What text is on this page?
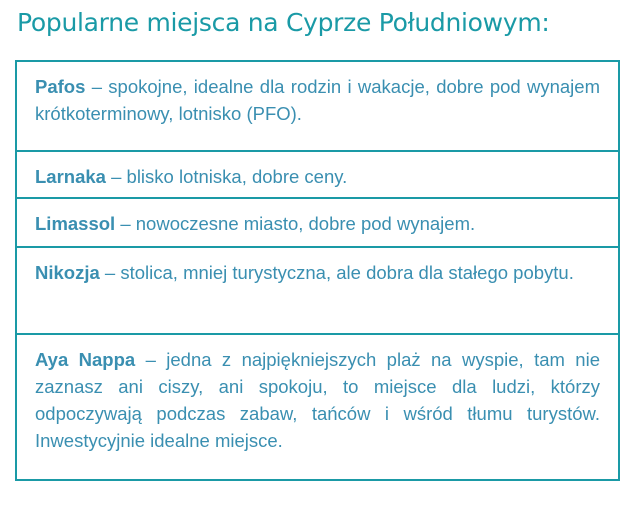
Popularne miejsca na Cyprze Południowym:
Pafos – spokojne, idealne dla rodzin i wakacje, dobre pod wynajem krótkoterminowy, lotnisko (PFO).
Larnaka – blisko lotniska, dobre ceny.
Limassol – nowoczesne miasto, dobre pod wynajem.
Nikozja – stolica, mniej turystyczna, ale dobra dla stałego pobytu.
Aya Nappa – jedna z najpiękniejszych plaż na wyspie, tam nie zaznasz ani ciszy, ani spokoju, to miejsce dla ludzi, którzy odpoczywają podczas zabaw, tańców i wśród tłumu turystów. Inwestycyjnie idealne miejsce.
